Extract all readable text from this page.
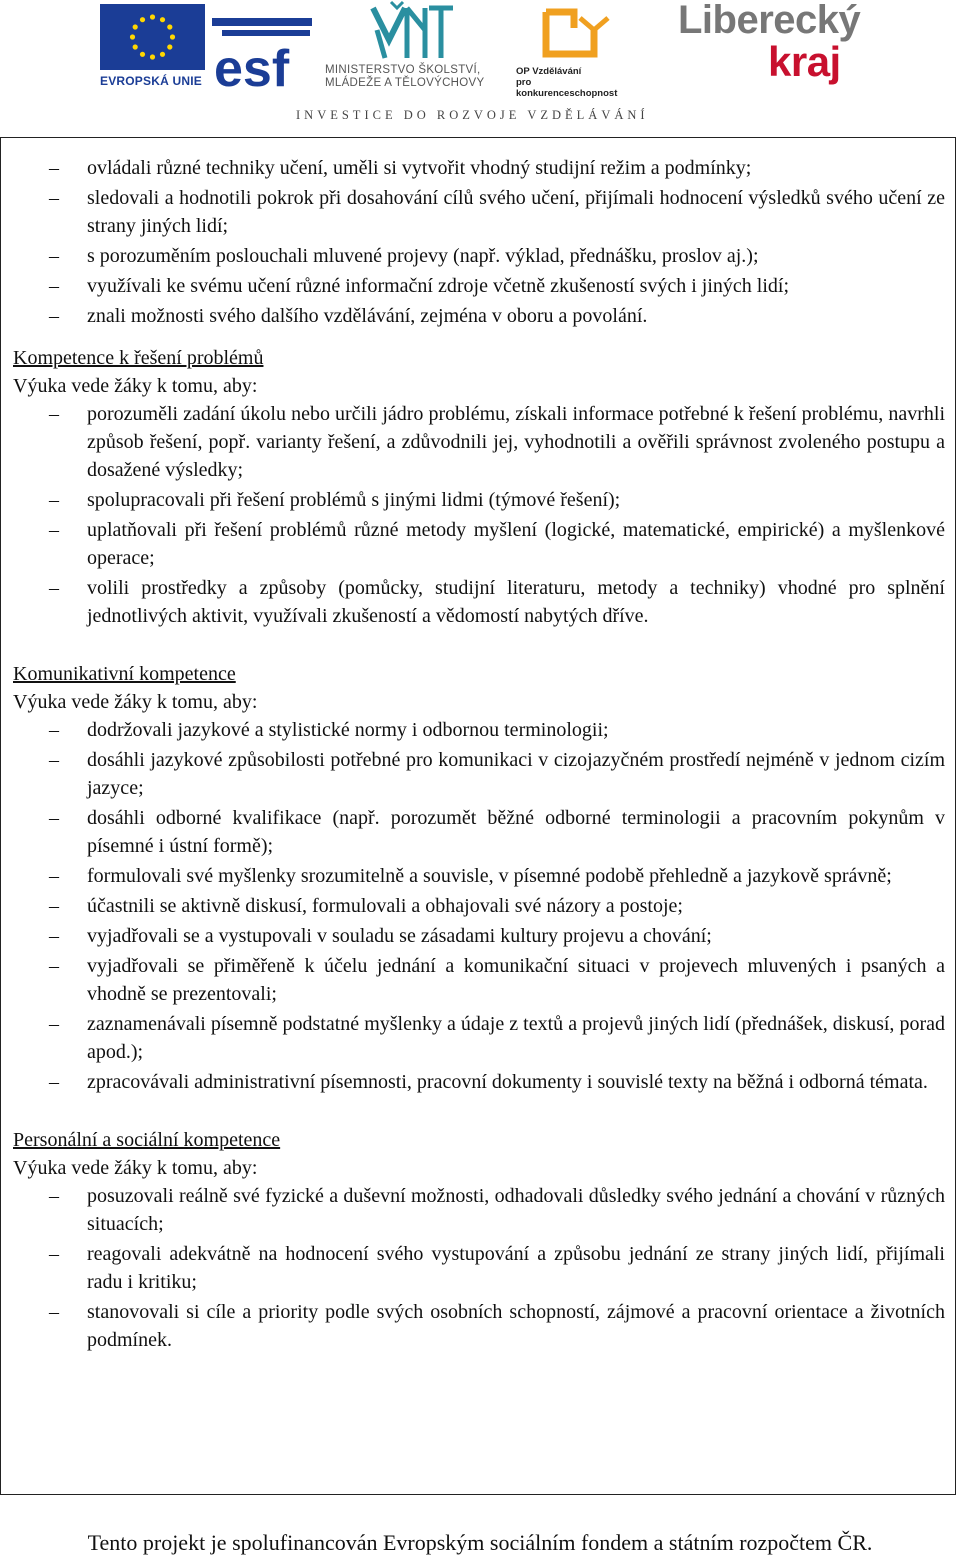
EVROPSKÁ UNIE esf	MINISTERSTVO ŠKOLSTVÍ,
MLÁDEŽE A TĚLOVÝCHOVY
OP Vzdělávání
pro konkurenceschopnost
Liberecký
kraj
INVESTICE DO ROZVOJE VZDĚLÁVÁNÍ
– ovládali různé techniky učení, uměli si vytvořit vhodný studijní režim a podmínky;
– sledovali a hodnotili pokrok při dosahování cílů svého učení, přijímali hodnocení výsledků svého učení ze strany jiných lidí;
– s porozuměním poslouchali mluvené projevy (např. výklad, přednášku, proslov aj.);
– využívali ke svému učení různé informační zdroje včetně zkušeností svých i jiných lidí;
– znali možnosti svého dalšího vzdělávání, zejména v oboru a povolání.
Kompetence k řešení problémů
Výuka vede žáky k tomu, aby:
– porozuměli zadání úkolu nebo určili jádro problému, získali informace potřebné k řešení problému, navrhli způsob řešení, popř. varianty řešení, a zdůvodnili jej, vyhodnotili a ověřili správnost zvoleného postupu a dosažené výsledky;
– spolupracovali při řešení problémů s jinými lidmi (týmové řešení);
– uplatňovali při řešení problémů různé metody myšlení (logické, matematické, empirické) a myšlenkové operace;
– volili prostředky a způsoby (pomůcky, studijní literaturu, metody a techniky) vhodné pro splnění jednotlivých aktivit, využívali zkušeností a vědomostí nabytých dříve.
Komunikativní kompetence
Výuka vede žáky k tomu, aby:
– dodržovali jazykové a stylistické normy i odbornou terminologii;
– dosáhli jazykové způsobilosti potřebné pro komunikaci v cizojazyčném prostředí nejméně v jednom cizím jazyce;
– dosáhli odborné kvalifikace (např. porozumět běžné odborné terminologii a pracovním pokynům v písemné i ústní formě);
– formulovali své myšlenky srozumitelně a souvisle, v písemné podobě přehledně a jazykově správně;
– účastnili se aktivně diskusí, formulovali a obhajovali své názory a postoje;
– vyjadřovali se a vystupovali v souladu se zásadami kultury projevu a chování;
– vyjadřovali se přiměřeně k účelu jednání a komunikační situaci v projevech mluvených i psaných a vhodně se prezentovali;
– zaznamenávali písemně podstatné myšlenky a údaje z textů a projevů jiných lidí (přednášek, diskusí, porad apod.);
– zpracovávali administrativní písemnosti, pracovní dokumenty i souvislé texty na běžná i odborná témata.
Personální a sociální kompetence
Výuka vede žáky k tomu, aby:
– posuzovali reálně své fyzické a duševní možnosti, odhadovali důsledky svého jednání a chování v různých situacích;
– reagovali adekvátně na hodnocení svého vystupování a způsobu jednání ze strany jiných lidí, přijímali radu i kritiku;
– stanovovali si cíle a priority podle svých osobních schopností, zájmové a pracovní orientace a životních podmínek.
Tento projekt je spolufinancován Evropským sociálním fondem a státním rozpočtem ČR.
